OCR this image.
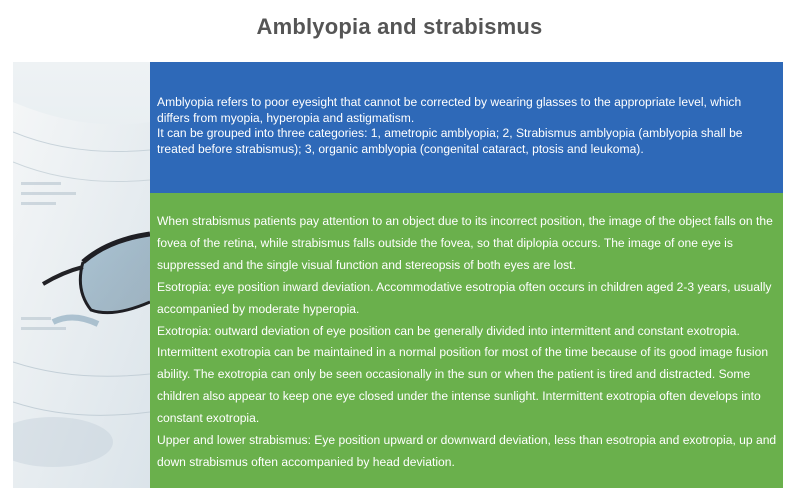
Amblyopia and strabismus

Amblyopia refers to poor eyesight that cannot be corrected by wearing glasses to the appropriate level, which differs from myopia, hyperopia and astigmatism.

It can be grouped into three categories: 1, ametropic amblyopia; 2, Strabismus amblyopia (amblyopia shall be treated before strabismus); 3, organic amblyopia (congenital cataract, ptosis and leukoma).

When strabismus patients pay attention to an object due to its incorrect position, the image of the object falls on the fovea of the retina, while strabismus falls outside the fovea, so that diplopia occurs. The image of one eye is suppressed and the single visual function and stereopsis of both eyes are lost.

Esotropia: eye position inward deviation. Accommodative esotropia often occurs in children aged 2-3 years, usually accompanied by moderate hyperopia.

Exotropia: outward deviation of eye position can be generally divided into intermittent and constant exotropia. Intermittent exotropia can be maintained in a normal position for most of the time because of its good image fusion ability. The exotropia can only be seen occasionally in the sun or when the patient is tired and distracted. Some children also appear to keep one eye closed under the intense sunlight. Intermittent exotropia often develops into constant exotropia.

Upper and lower strabismus: Eye position upward or downward deviation, less than esotropia and exotropia, up and down strabismus often accompanied by head deviation.
